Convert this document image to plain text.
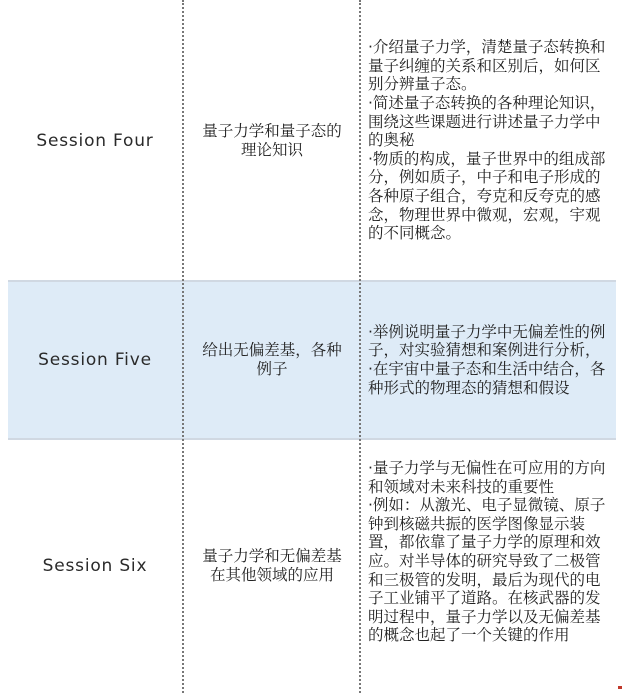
Session Four	量子力学和量子态的理论知识

·介绍量子力学，清楚量子态转换和量子纠缠的关系和区别后，如何区别分辨量子态。

·简述量子态转换的各种理论知识，围绕这些课题进行讲述量子力学中的奥秘

·物质的构成，量子世界中的组成部分，例如质子，中子和电子形成的各种原子组合，夸克和反夸克的感念，物理世界中微观，宏观，宇观的不同概念。

Session Five	给出无偏差基，各种例子

·举例说明量子力学中无偏差性的例子，对实验猜想和案例进行分析，

·在宇宙中量子态和生活中结合，各种形式的物理态的猜想和假设

Session Six	量子力学和无偏差基在其他领域的应用

·量子力学与无偏性在可应用的方向和领域对未来科技的重要性

·例如：从激光、电子显微镜、原子钟到核磁共振的医学图像显示装置，都依靠了量子力学的原理和效应。对半导体的研究导致了二极管和三极管的发明，最后为现代的电子工业铺平了道路。在核武器的发明过程中，量子力学以及无偏差基的概念也起了一个关键的作用
